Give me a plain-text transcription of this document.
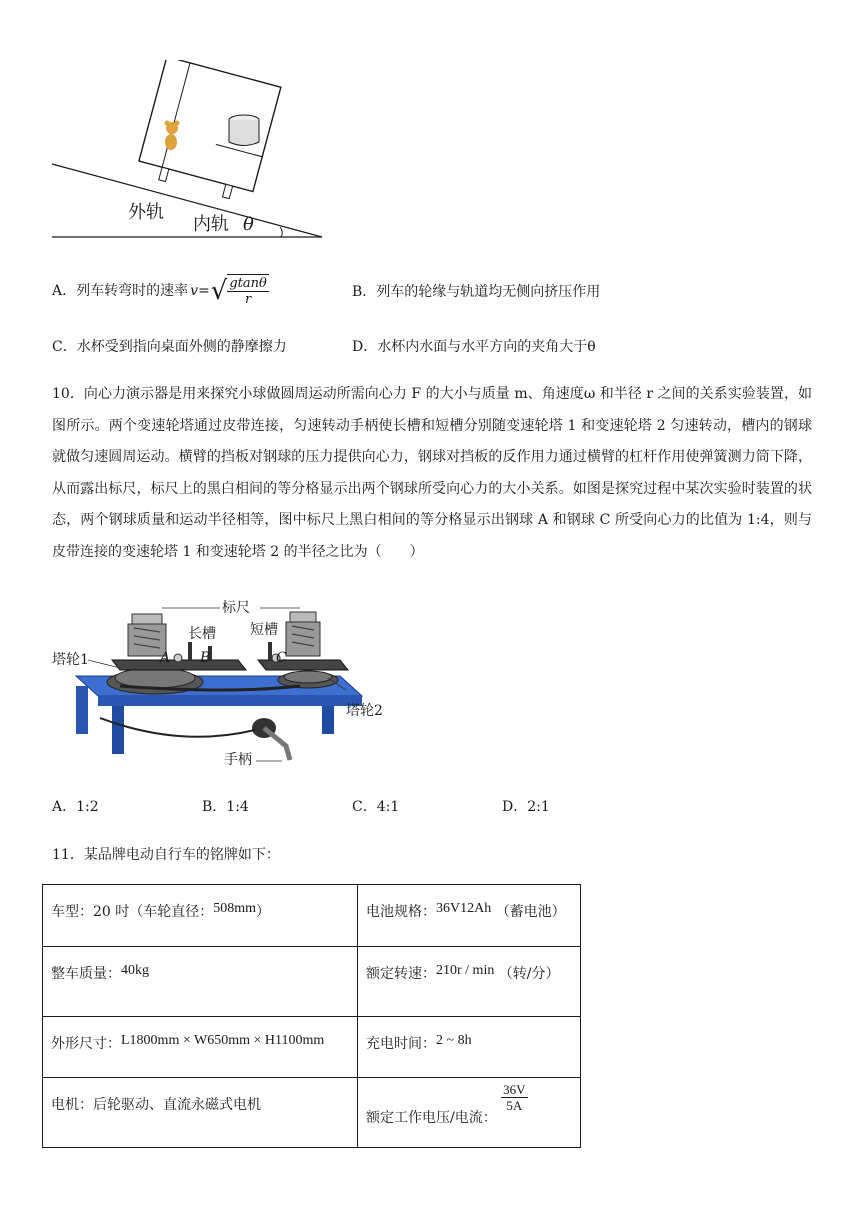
外轨
内轨 θ
A．列车转弯时的速率 v= √ $\frac{gtan\theta}{r}$	B．列车的轮缘与轨道均无侧向挤压作用
C．水杯受到指向桌面外侧的静摩擦力	D．水杯内水面与水平方向的夹角大于θ
10．向心力演示器是用来探究小球做圆周运动所需向心力 F 的大小与质量 m、角速度ω 和半径 r 之间的关系实验装置，如图所示。两个变速轮塔通过皮带连接，匀速转动手柄使长槽和短槽分别随变速轮塔 1 和变速轮塔 2 匀速转动，槽内的钢球就做匀速圆周运动。横臂的挡板对钢球的压力提供向心力，钢球对挡板的反作用力通过横臂的杠杆作用使弹簧测力筒下降，从而露出标尺，标尺上的黑白相间的等分格显示出两个钢球所受向心力的大小关系。如图是探究过程中某次实验时装置的状态，两个钢球质量和运动半径相等，图中标尺上黑白相间的等分格显示出钢球 A 和钢球 C 所受向心力的比值为 1:4，则与皮带连接的变速轮塔 1 和变速轮塔 2 的半径之比为（　　）
标尺
长槽 短槽
塔轮1
塔轮2
手柄
A B	C
A．1:2	B．1:4	C．4:1	D．2:1
11．某品牌电动自行车的铭牌如下：
车型：20 吋（车轮直径：508mm）	电池规格：36V12Ah （蓄电池）
整车质量：40kg	额定转速：210r / min （转/分）
外形尺寸：L1800mm × W650mm × H1100mm	充电时间：2 ~ 8h
电机：后轮驱动、直流永磁式电机	额定工作电压/电流：
$\frac{36V}{5A}$
